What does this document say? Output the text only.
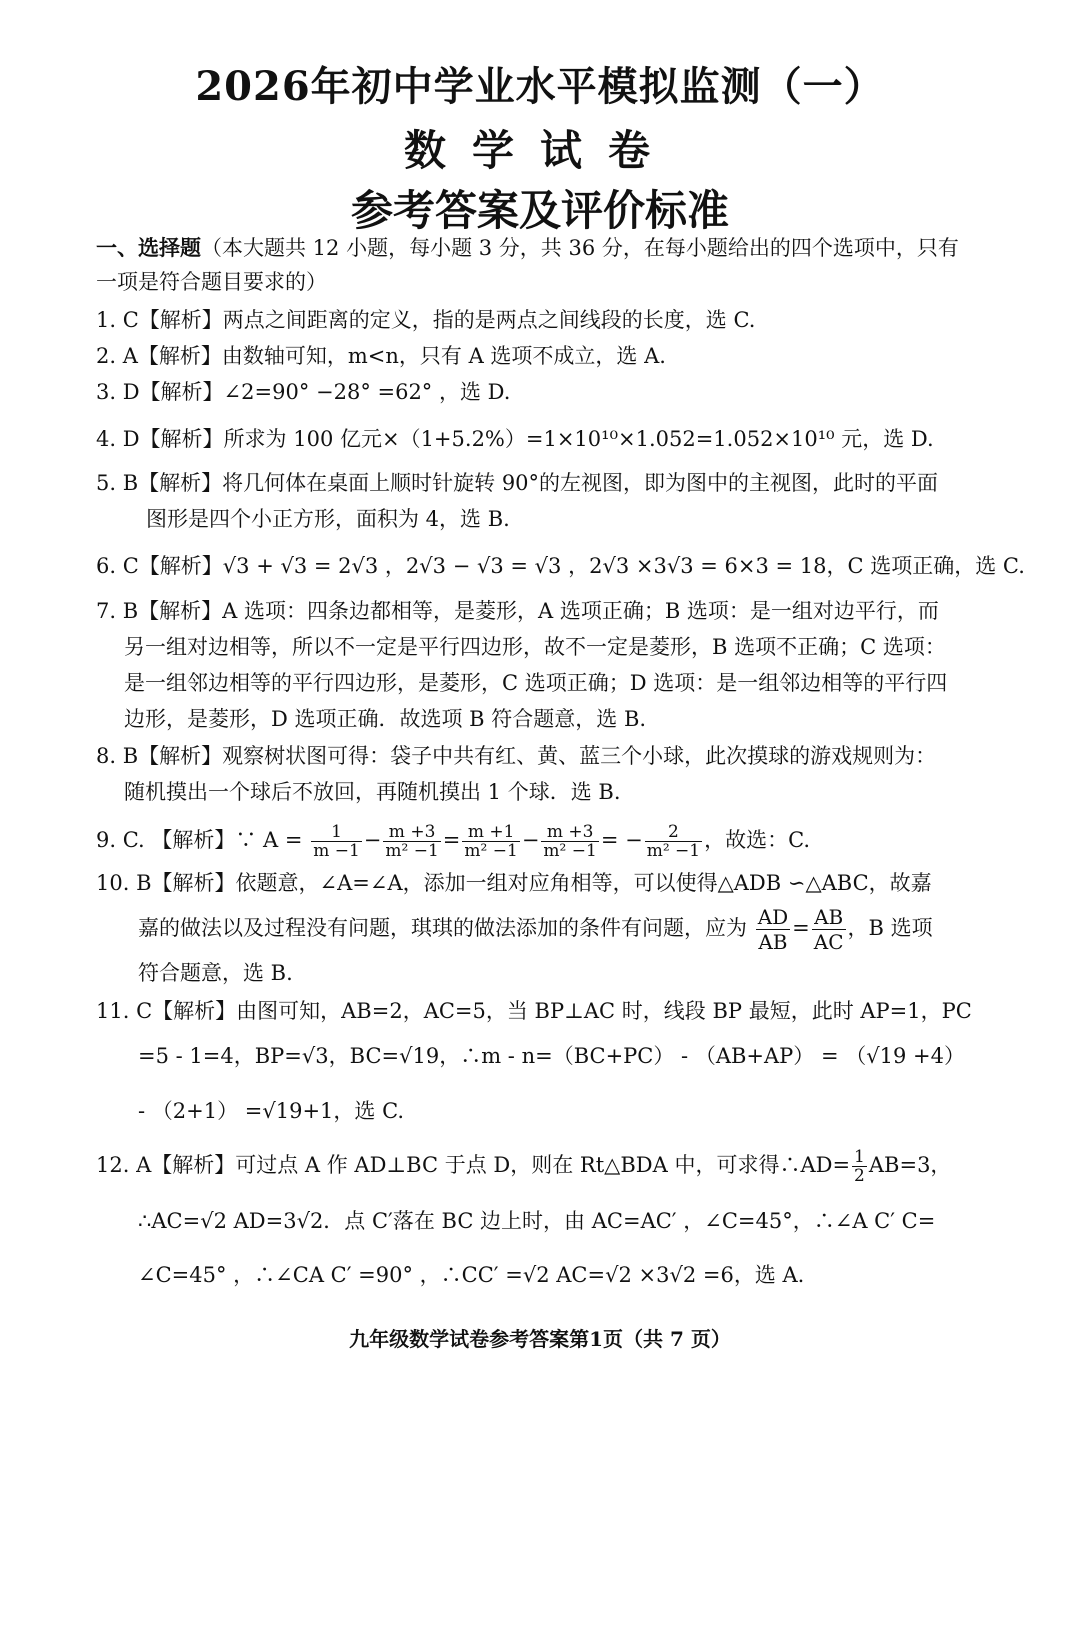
2026年初中学业水平模拟监测（一）
数学试卷
参考答案及评价标准
一、选择题（本大题共 12 小题，每小题 3 分，共 36 分，在每小题给出的四个选项中，只有
一项是符合题目要求的）
1. C【解析】两点之间距离的定义，指的是两点之间线段的长度，选 C.
2. A【解析】由数轴可知，m<n，只有 A 选项不成立，选 A.
3. D【解析】∠2=90° −28° =62° ，选 D.
4. D【解析】所求为 100 亿元×（1+5.2%）=1×10¹⁰×1.052=1.052×10¹⁰ 元，选 D.
5. B【解析】将几何体在桌面上顺时针旋转 90°的左视图，即为图中的主视图，此时的平面
图形是四个小正方形，面积为 4，选 B.
6. C【解析】√3 + √3 = 2√3 ，2√3 − √3 = √3 ，2√3 ×3√3 = 6×3 = 18，C 选项正确，选 C.
7. B【解析】A 选项：四条边都相等，是菱形，A 选项正确；B 选项：是一组对边平行，而
另一组对边相等，所以不一定是平行四边形，故不一定是菱形，B 选项不正确；C 选项：
是一组邻边相等的平行四边形，是菱形，C 选项正确；D 选项：是一组邻边相等的平行四
边形，是菱形，D 选项正确．故选项 B 符合题意，选 B.
8. B【解析】观察树状图可得：袋子中共有红、黄、蓝三个小球，此次摸球的游戏规则为：
随机摸出一个球后不放回，再随机摸出 1 个球．选 B.
9. C. 【解析】∵ $A = \frac{1}{m -1} - \frac{m +3}{\text{m² −1}} = \frac{m +1}{\text{m² −1}} - \frac{m +3}{\text{m² −1}}$ = − $\frac{2}{\text{m² −1}}$ ，故选：C.
10. B【解析】依题意，∠A=∠A，添加一组对应角相等，可以使得△ADB ∽△ABC，故嘉
嘉的做法以及过程没有问题，琪琪的做法添加的条件有问题，应为 $\frac{AD}{AB} = \frac{AB}{AC}$ ，B 选项
符合题意，选 B.
11. C【解析】由图可知，AB=2，AC=5，当 BP⊥AC 时，线段 BP 最短，此时 AP=1，PC
=5 - 1=4，BP=√3，BC=√19，∴m - n=（BC+PC） - （AB+AP） = （√19 +4）
- （2+1） =√19+1，选 C.
12. A【解析】可过点 A 作 AD⊥BC 于点 D，则在 Rt△BDA 中，可求得∴AD= $\frac{1}{2} AB=3$，
∴AC=√2 AD=3√2．点 C′落在 BC 边上时，由 AC=AC′ ，∠C=45°，∴∠A C′ C=
∠C=45° ，∴∠CA C′ =90° ，∴CC′ =√2 AC=√2 ×3√2 =6，选 A.
九年级数学试卷参考答案第1页（共 7 页）
